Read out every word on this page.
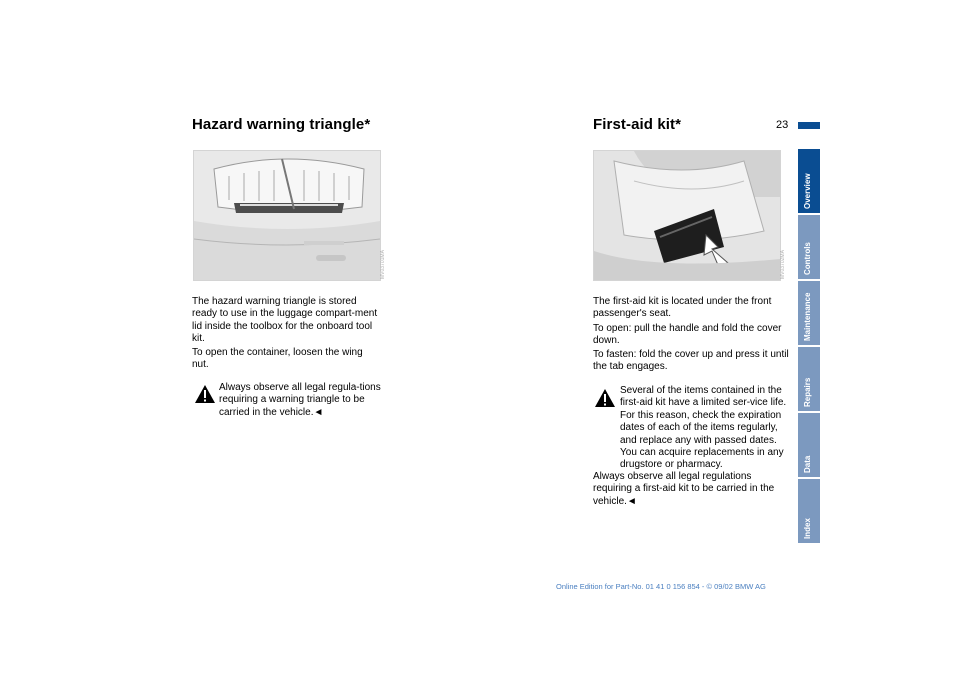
Hazard warning triangle*	First-aid kit*	23
MV03701MA	MV03702MA

The hazard warning triangle is stored ready to use in the luggage compart-ment lid inside the toolbox for the onboard tool kit.

To open the container, loosen the wing nut.

Always observe all legal regula-tions requiring a warning triangle to be carried in the vehicle.◄

The first-aid kit is located under the front passenger's seat.

To open: pull the handle and fold the cover down.

To fasten: fold the cover up and press it until the tab engages.

Several of the items contained in the first-aid kit have a limited ser-vice life. For this reason, check the expiration dates of each of the items regularly, and replace any with passed dates. You can acquire replacements in any drugstore or pharmacy.

Always observe all legal regulations requiring a first-aid kit to be carried in the vehicle.◄

Overview
Controls
Maintenance
Repairs
Data
Index
Online Edition for Part-No. 01 41 0 156 854 - © 09/02 BMW AG
